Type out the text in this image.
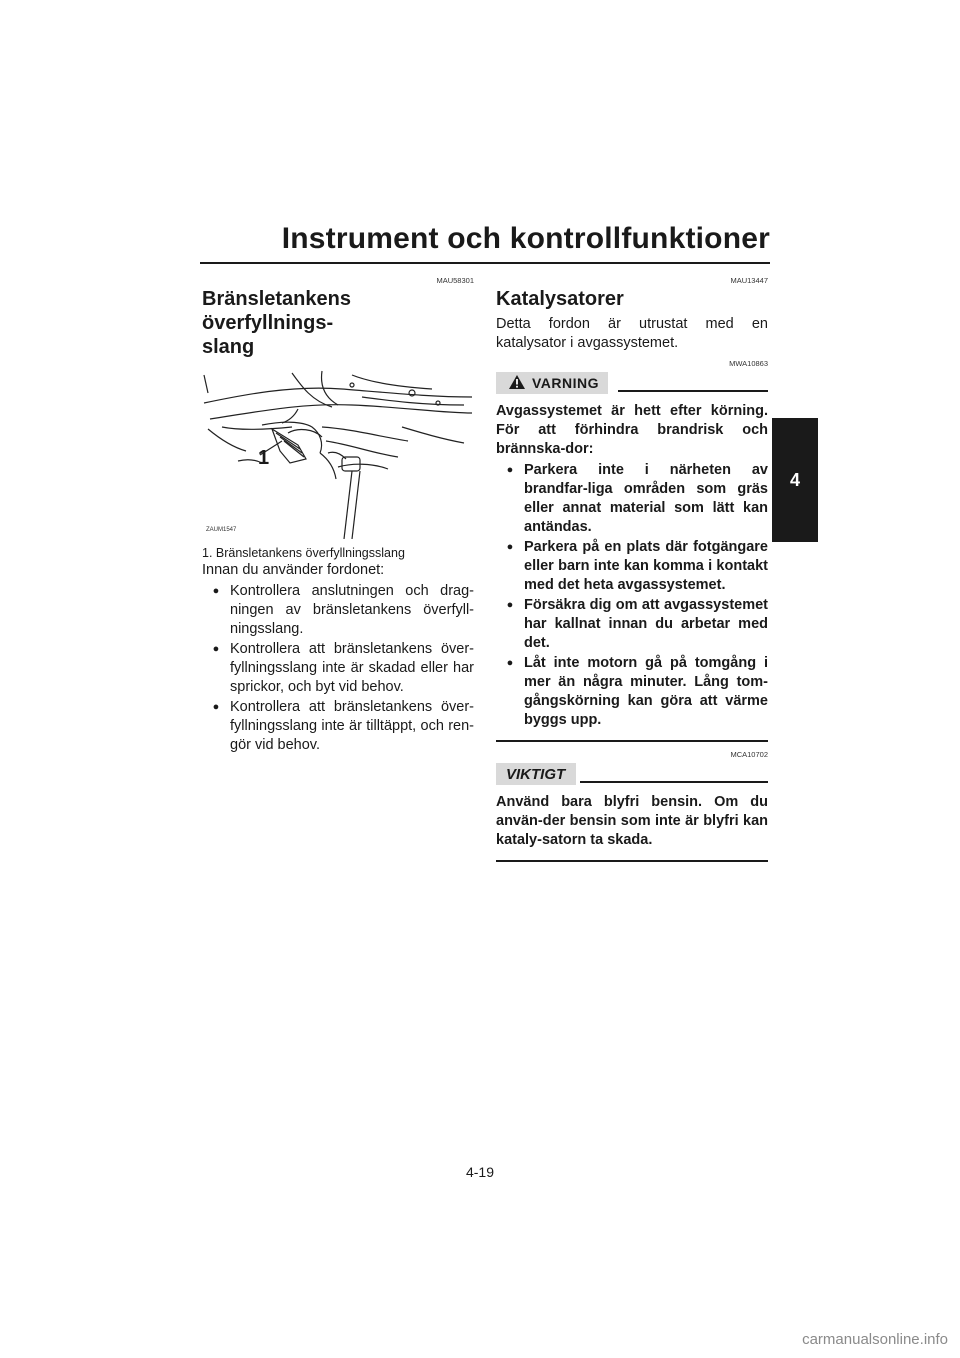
Instrument och kontrollfunktioner
4
MAU58301
Bränsletankens överfyllnings-
slang
1
ZAUM1547
1. Bränsletankens överfyllningsslang

Innan du använder fordonet:

● Kontrollera anslutningen och drag-ningen av bränsletankens överfyll-ningsslang.
● Kontrollera att bränsletankens över-fyllningsslang inte är skadad eller har sprickor, och byt vid behov.
● Kontrollera att bränsletankens över-fyllningsslang inte är tilltäppt, och ren-gör vid behov.
MAU13447
Katalysatorer

Detta fordon är utrustat med en katalysator i avgassystemet.

MWA10863
VARNING

Avgassystemet är hett efter körning. För att förhindra brandrisk och brännska-dor:

● Parkera inte i närheten av brandfar-liga områden som gräs eller annat material som lätt kan antändas.
● Parkera på en plats där fotgängare eller barn inte kan komma i kontakt med det heta avgassystemet.
● Försäkra dig om att avgassystemet har kallnat innan du arbetar med det.
● Låt inte motorn gå på tomgång i mer än några minuter. Lång tom-gångskörning kan göra att värme byggs upp.
MCA10702
VIKTIGT

Använd bara blyfri bensin. Om du använ-der bensin som inte är blyfri kan kataly-satorn ta skada.

4-19
carmanualsonline.info
